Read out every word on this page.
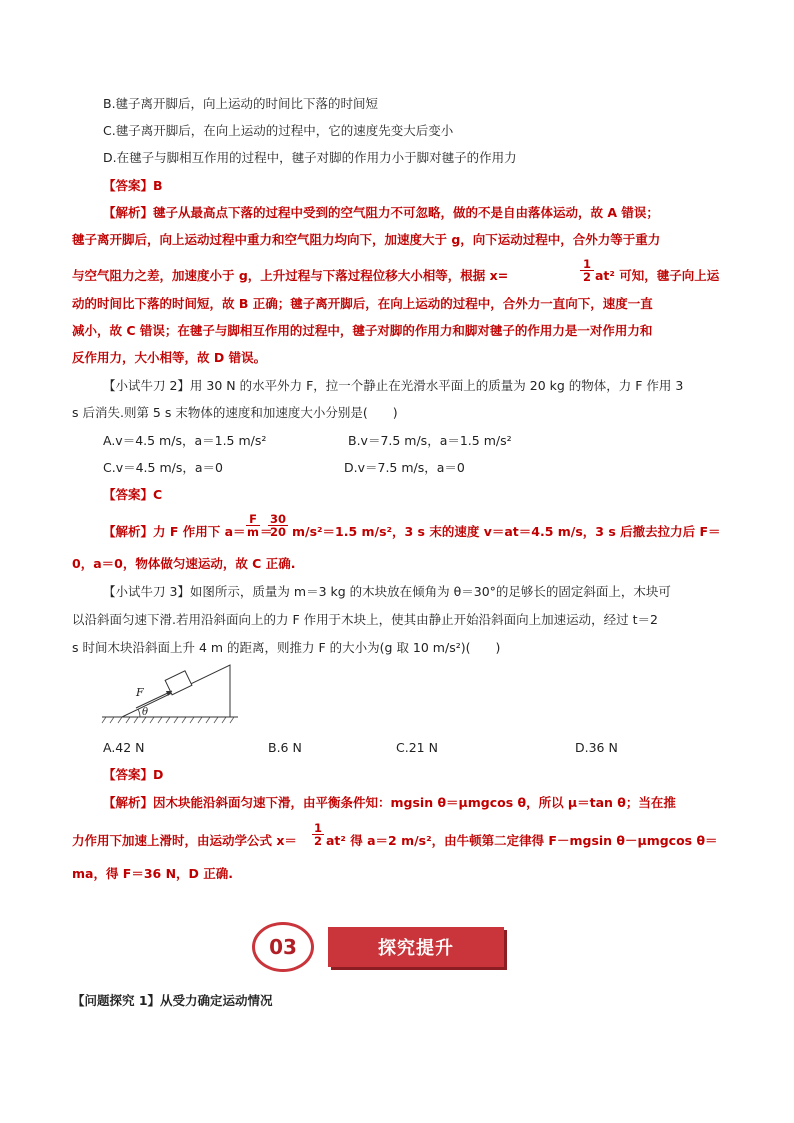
B.毽子离开脚后，向上运动的时间比下落的时间短
C.毽子离开脚后，在向上运动的过程中，它的速度先变大后变小
D.在毽子与脚相互作用的过程中，毽子对脚的作用力小于脚对毽子的作用力
【答案】B
【解析】毽子从最高点下落的过程中受到的空气阻力不可忽略，做的不是自由落体运动，故 A 错误；
毽子离开脚后，向上运动过程中重力和空气阻力均向下，加速度大于 g，向下运动过程中，合外力等于重力
与空气阻力之差，加速度小于 g，上升过程与下落过程位移大小相等，根据 x=	$\frac{1}{2} at^2$ 可知，毽子向上运
动的时间比下落的时间短，故 B 正确；毽子离开脚后，在向上运动的过程中，合外力一直向下，速度一直
减小，故 C 错误；在毽子与脚相互作用的过程中，毽子对脚的作用力和脚对毽子的作用力是一对作用力和
反作用力，大小相等，故 D 错误。
【小试牛刀 2】用 30 N 的水平外力 F，拉一个静止在光滑水平面上的质量为 20 kg 的物体，力 F 作用 3
s 后消失.则第 5 s 末物体的速度和加速度大小分别是(　　)
A.v＝4.5 m/s，a＝1.5 m/s²	B.v＝7.5 m/s，a＝1.5 m/s²
C.v＝4.5 m/s，a＝0	D.v＝7.5 m/s，a＝0
【答案】C
【解析】力 F 作用下 $a= \frac{F}{m}$ ＝
$\frac{30}{20} m/s^2=1.5$ m/s²，3 s 末的速度 v＝at＝4.5 m/s，3 s 后撤去拉力后 F＝
0，a＝0，物体做匀速运动，故 C 正确.
【小试牛刀 3】如图所示，质量为 m＝3 kg 的木块放在倾角为 θ＝30°的足够长的固定斜面上，木块可
以沿斜面匀速下滑.若用沿斜面向上的力 F 作用于木块上，使其由静止开始沿斜面向上加速运动，经过 t＝2
s 时间木块沿斜面上升 4 m 的距离，则推力 F 的大小为(g 取 10 m/s²)(　　)
F
θ
A.42 N	B.6 N	C.21 N	D.36 N
【答案】D
【解析】因木块能沿斜面匀速下滑，由平衡条件知：mgsin θ＝μmgcos θ，所以 μ＝tan θ；当在推
力作用下加速上滑时，由运动学公式 $x= \frac{1}{2} at^2$ 得 a＝2 m/s²，由牛顿第二定律得 F－mgsin θ－μmgcos θ＝
ma，得 F＝36 N，D 正确.
03	探究提升
【问题探究 1】从受力确定运动情况
